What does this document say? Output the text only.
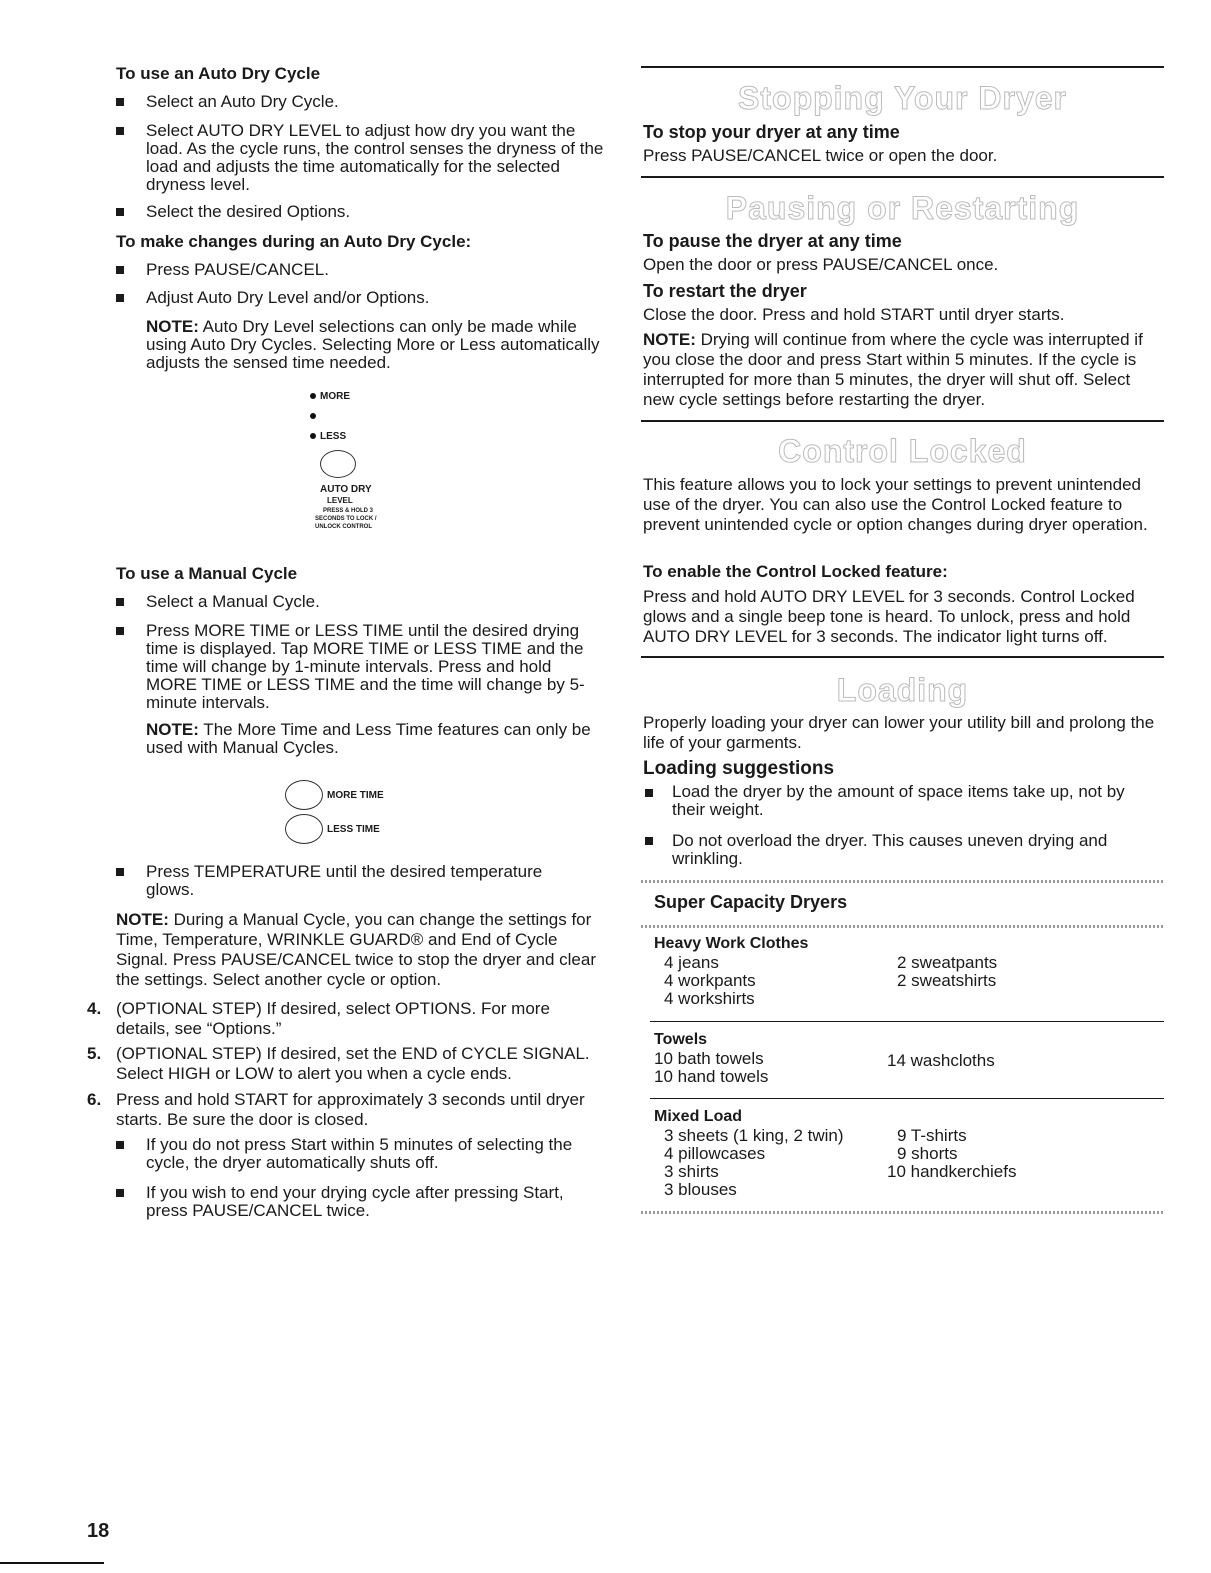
To use an Auto Dry Cycle
Select an Auto Dry Cycle.
Select AUTO DRY LEVEL to adjust how dry you want the load. As the cycle runs, the control senses the dryness of the load and adjusts the time automatically for the selected dryness level.
Select the desired Options.
To make changes during an Auto Dry Cycle:
Press PAUSE/CANCEL.
Adjust Auto Dry Level and/or Options.
NOTE: Auto Dry Level selections can only be made while using Auto Dry Cycles. Selecting More or Less automatically adjusts the sensed time needed.
MORE
LESS
AUTO DRY
LEVEL
PRESS & HOLD 3
SECONDS TO LOCK /
UNLOCK CONTROL
To use a Manual Cycle
Select a Manual Cycle.
Press MORE TIME or LESS TIME until the desired drying time is displayed. Tap MORE TIME or LESS TIME and the time will change by 1-minute intervals. Press and hold MORE TIME or LESS TIME and the time will change by 5-minute intervals.
NOTE: The More Time and Less Time features can only be used with Manual Cycles.
MORE TIME
LESS TIME
Press TEMPERATURE until the desired temperature glows.
NOTE: During a Manual Cycle, you can change the settings for Time, Temperature, WRINKLE GUARD® and End of Cycle Signal. Press PAUSE/CANCEL twice to stop the dryer and clear the settings. Select another cycle or option.
4. (OPTIONAL STEP) If desired, select OPTIONS. For more details, see “Options.”
5. (OPTIONAL STEP) If desired, set the END of CYCLE SIGNAL. Select HIGH or LOW to alert you when a cycle ends.
6. Press and hold START for approximately 3 seconds until dryer starts. Be sure the door is closed.
If you do not press Start within 5 minutes of selecting the cycle, the dryer automatically shuts off.
If you wish to end your drying cycle after pressing Start, press PAUSE/CANCEL twice.
18
Stopping Your Dryer
To stop your dryer at any time
Press PAUSE/CANCEL twice or open the door.
Pausing or Restarting
To pause the dryer at any time
Open the door or press PAUSE/CANCEL once.
To restart the dryer
Close the door. Press and hold START until dryer starts.
NOTE: Drying will continue from where the cycle was interrupted if you close the door and press Start within 5 minutes. If the cycle is interrupted for more than 5 minutes, the dryer will shut off. Select new cycle settings before restarting the dryer.
Control Locked
This feature allows you to lock your settings to prevent unintended use of the dryer. You can also use the Control Locked feature to prevent unintended cycle or option changes during dryer operation.
To enable the Control Locked feature:
Press and hold AUTO DRY LEVEL for 3 seconds. Control Locked glows and a single beep tone is heard. To unlock, press and hold AUTO DRY LEVEL for 3 seconds. The indicator light turns off.
Loading
Properly loading your dryer can lower your utility bill and prolong the life of your garments.
Loading suggestions
Load the dryer by the amount of space items take up, not by their weight.
Do not overload the dryer. This causes uneven drying and wrinkling.
Super Capacity Dryers
Heavy Work Clothes
4 jeans
4 workpants
4 workshirts
2 sweatpants
2 sweatshirts
Towels
10 bath towels
10 hand towels
14 washcloths
Mixed Load
3 sheets (1 king, 2 twin)
4 pillowcases
3 shirts
3 blouses
9 T-shirts
9 shorts
10 handkerchiefs
